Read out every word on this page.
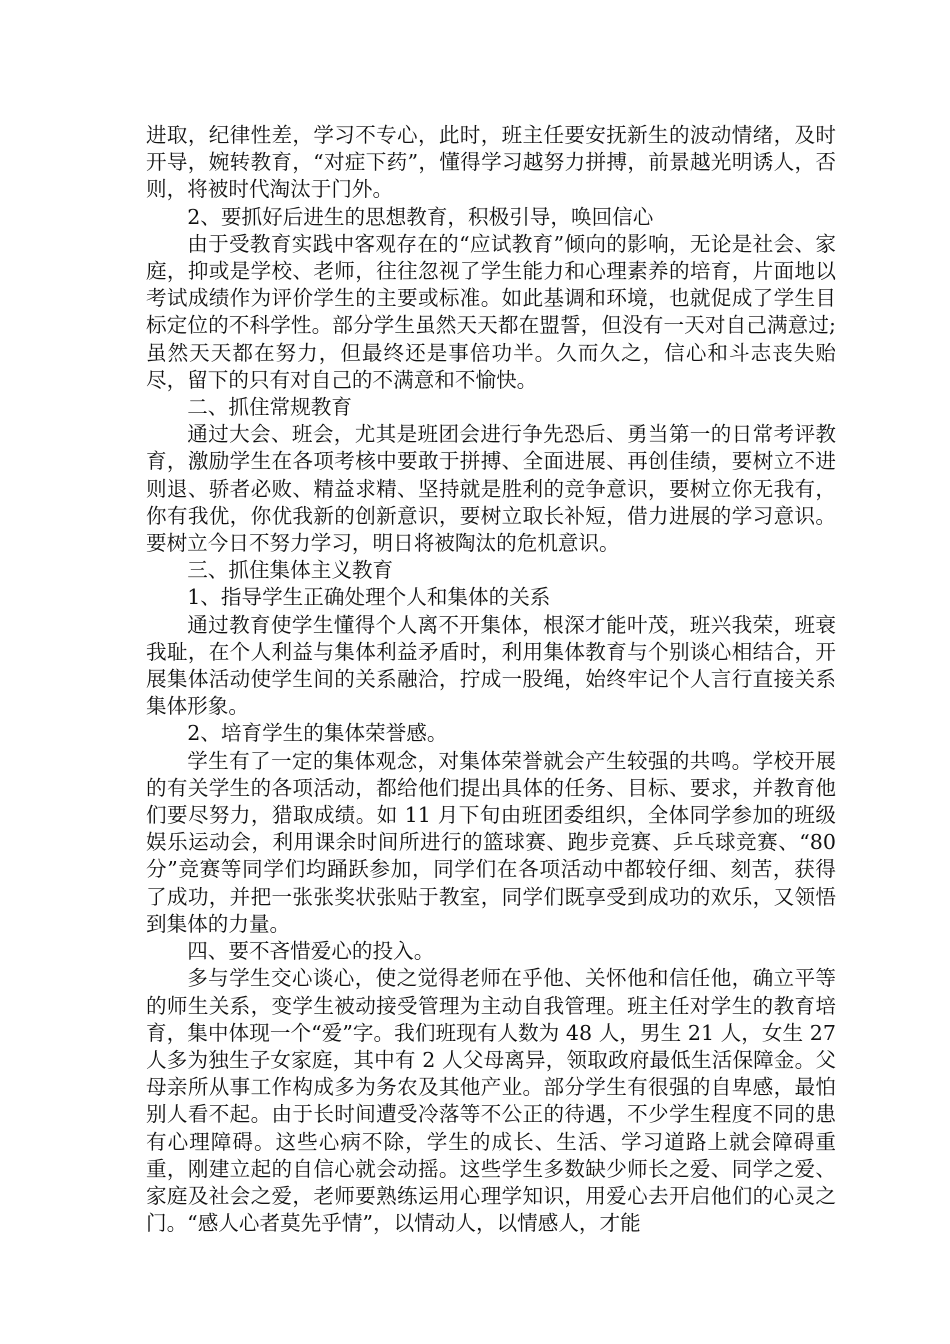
进取，纪律性差，学习不专心，此时，班主任要安抚新生的波动情绪，及时开导，婉转教育，“对症下药”，懂得学习越努力拼搏，前景越光明诱人，否则，将被时代淘汰于门外。

2、要抓好后进生的思想教育，积极引导，唤回信心

由于受教育实践中客观存在的“应试教育”倾向的影响，无论是社会、家庭，抑或是学校、老师，往往忽视了学生能力和心理素养的培育，片面地以考试成绩作为评价学生的主要或标准。如此基调和环境，也就促成了学生目标定位的不科学性。部分学生虽然天天都在盟誓，但没有一天对自己满意过;虽然天天都在努力，但最终还是事倍功半。久而久之，信心和斗志丧失贻尽，留下的只有对自己的不满意和不愉快。

二、抓住常规教育

通过大会、班会，尤其是班团会进行争先恐后、勇当第一的日常考评教育，激励学生在各项考核中要敢于拼搏、全面进展、再创佳绩，要树立不进则退、骄者必败、精益求精、坚持就是胜利的竞争意识，要树立你无我有，你有我优，你优我新的创新意识，要树立取长补短，借力进展的学习意识。要树立今日不努力学习，明日将被陶汰的危机意识。

三、抓住集体主义教育

1、指导学生正确处理个人和集体的关系

通过教育使学生懂得个人离不开集体，根深才能叶茂，班兴我荣，班衰我耻，在个人利益与集体利益矛盾时，利用集体教育与个别谈心相结合，开展集体活动使学生间的关系融洽，拧成一股绳，始终牢记个人言行直接关系集体形象。

2、培育学生的集体荣誉感。

学生有了一定的集体观念，对集体荣誉就会产生较强的共鸣。学校开展的有关学生的各项活动，都给他们提出具体的任务、目标、要求，并教育他们要尽努力，猎取成绩。如 11 月下旬由班团委组织，全体同学参加的班级娱乐运动会，利用课余时间所进行的篮球赛、跑步竞赛、乒乓球竞赛、“80 分”竞赛等同学们均踊跃参加，同学们在各项活动中都较仔细、刻苦，获得了成功，并把一张张奖状张贴于教室，同学们既享受到成功的欢乐，又领悟到集体的力量。

四、要不吝惜爱心的投入。

多与学生交心谈心，使之觉得老师在乎他、关怀他和信任他，确立平等的师生关系，变学生被动接受管理为主动自我管理。班主任对学生的教育培育，集中体现一个“爱”字。我们班现有人数为 48 人，男生 21 人，女生 27 人多为独生子女家庭，其中有 2 人父母离异，领取政府最低生活保障金。父母亲所从事工作构成多为务农及其他产业。部分学生有很强的自卑感，最怕别人看不起。由于长时间遭受冷落等不公正的待遇，不少学生程度不同的患有心理障碍。这些心病不除，学生的成长、生活、学习道路上就会障碍重重，刚建立起的自信心就会动摇。这些学生多数缺少师长之爱、同学之爱、家庭及社会之爱，老师要熟练运用心理学知识，用爱心去开启他们的心灵之门。“感人心者莫先乎情”，以情动人，以情感人，才能
